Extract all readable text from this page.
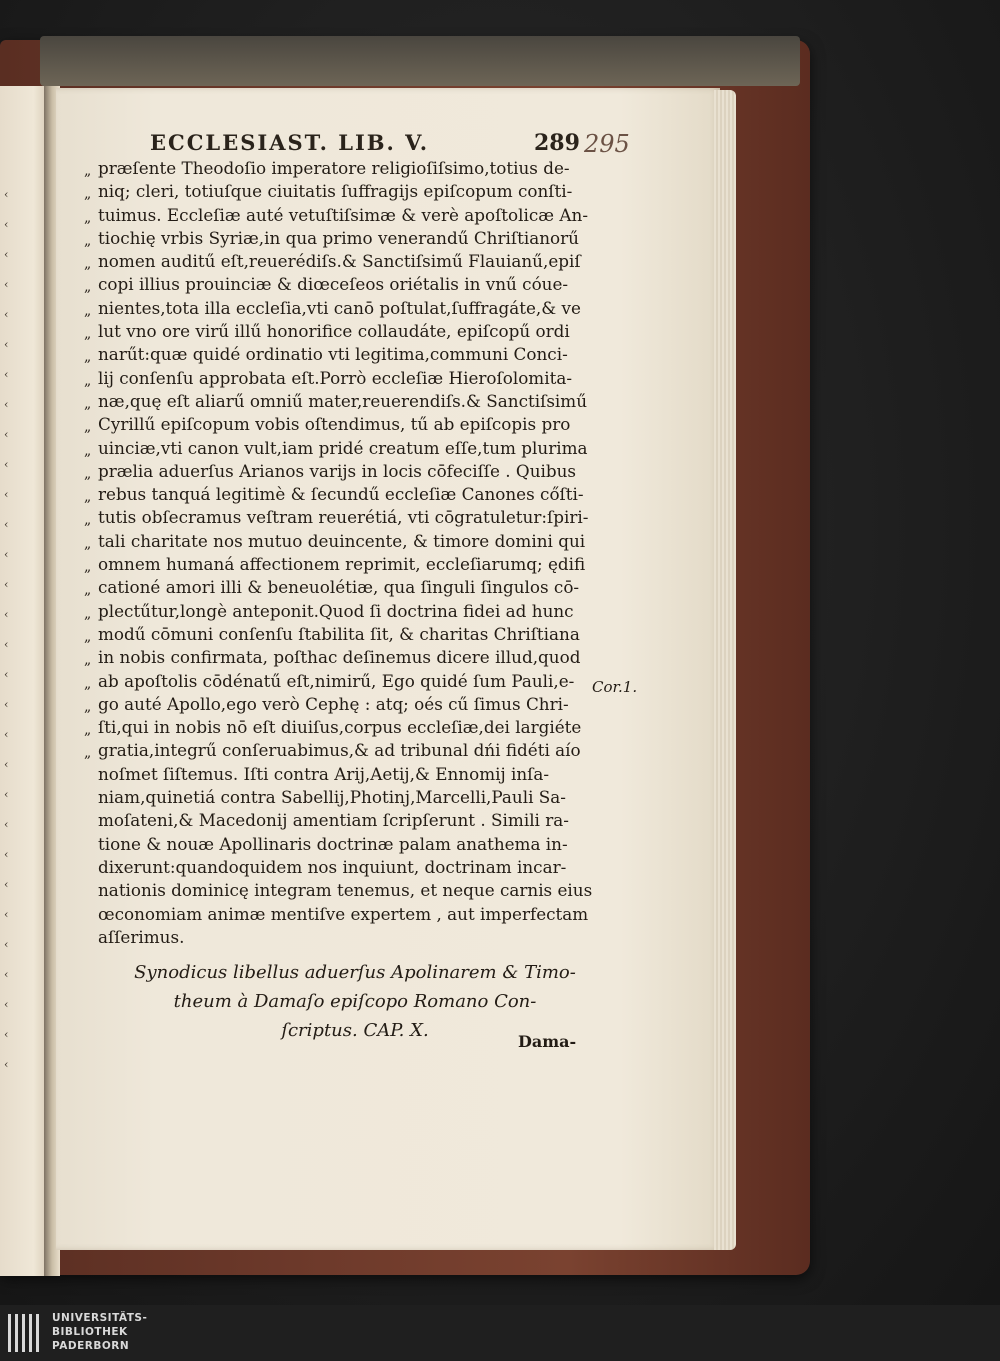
‹
‹
‹
‹
‹
‹
‹
‹
‹
‹
‹
‹
‹
‹
‹
‹
‹
‹
‹
‹
‹
‹
‹
‹
‹
‹
‹
‹
‹
‹
ECCLESIAST. LIB. V.	289 295
„
„
„
„
„
„
„
„
„
„
„
„
„
„
„
„
„
„
„
„
„
„
„
„
„
„
præſente Theodoſio imperatore religioſiſsimo,totius de-
niq; cleri, totiuſque ciuitatis ſuffragijs epiſcopum conſti-
tuimus. Eccleſiæ auté vetuſtiſsimæ & verè apoſtolicæ An-
tiochię vrbis Syriæ,in qua primo venerandű Chriſtianorű
nomen auditű eſt,reuerédiſs.& Sanctiſsimű Flauianű,epiſ
copi illius prouinciæ & diœceſeos oriétalis in vnű cóue-
nientes,tota illa eccleſia,vti canō poſtulat,ſuffragáte,& ve
lut vno ore virű illű honorifice collaudáte, epiſcopű ordi
narűt:quæ quidé ordinatio vti legitima,communi Conci-
lij conſenſu approbata eſt.Porrò eccleſiæ Hieroſolomita-
næ,quę eſt aliarű omniű mater,reuerendiſs.& Sanctiſsimű
Cyrillű epiſcopum vobis oſtendimus, tű ab epiſcopis pro
uinciæ,vti canon vult,iam pridé creatum eſſe,tum plurima
prælia aduerſus Arianos varijs in locis cōfeciſſe . Quibus
rebus tanquá legitimè & ſecundű eccleſiæ Canones cőſti-
tutis obſecramus veſtram reuerétiá, vti cōgratuletur:ſpiri-
tali charitate nos mutuo deuincente, & timore domini qui
omnem humaná affectionem reprimit, eccleſiarumq; ędifi
cationé amori illi & beneuolétiæ, qua ſinguli ſingulos cō-
plectűtur,longè anteponit.Quod ſi doctrina fidei ad hunc
modű cōmuni conſenſu ſtabilita ſit, & charitas Chriſtiana
in nobis confirmata, poſthac deſinemus dicere illud,quod
ab apoſtolis cōdénatű eſt,nimirű, Ego quidé ſum Pauli,e-
go auté Apollo,ego verò Cephę : atq; oés cű ſimus Chri-
ſti,qui in nobis nō eſt diuiſus,corpus eccleſiæ,dei largiéte
gratia,integrű conſeruabimus,& ad tribunal dńi fidéti aío
noſmet ſiſtemus. Iſti contra Arij,Aetij,& Ennomij inſa-
niam,quinetiá contra Sabellij,Photinj,Marcelli,Pauli Sa-
moſateni,& Macedonij amentiam ſcripſerunt . Simili ra-
tione & nouæ Apollinaris doctrinæ palam anathema in-
dixerunt:quandoquidem nos inquiunt, doctrinam incar-
nationis dominicę integram tenemus, et neque carnis eius
œconomiam animæ mentiſve expertem , aut imperfectam
aſſerimus.
Cor.1.
Synodicus libellus aduerſus Apolinarem & Timo-
theum à Damaſo epiſcopo Romano Con-
ſcriptus. CAP. X.
Dama-
UNIVERSITÄTS-
BIBLIOTHEK
PADERBORN
